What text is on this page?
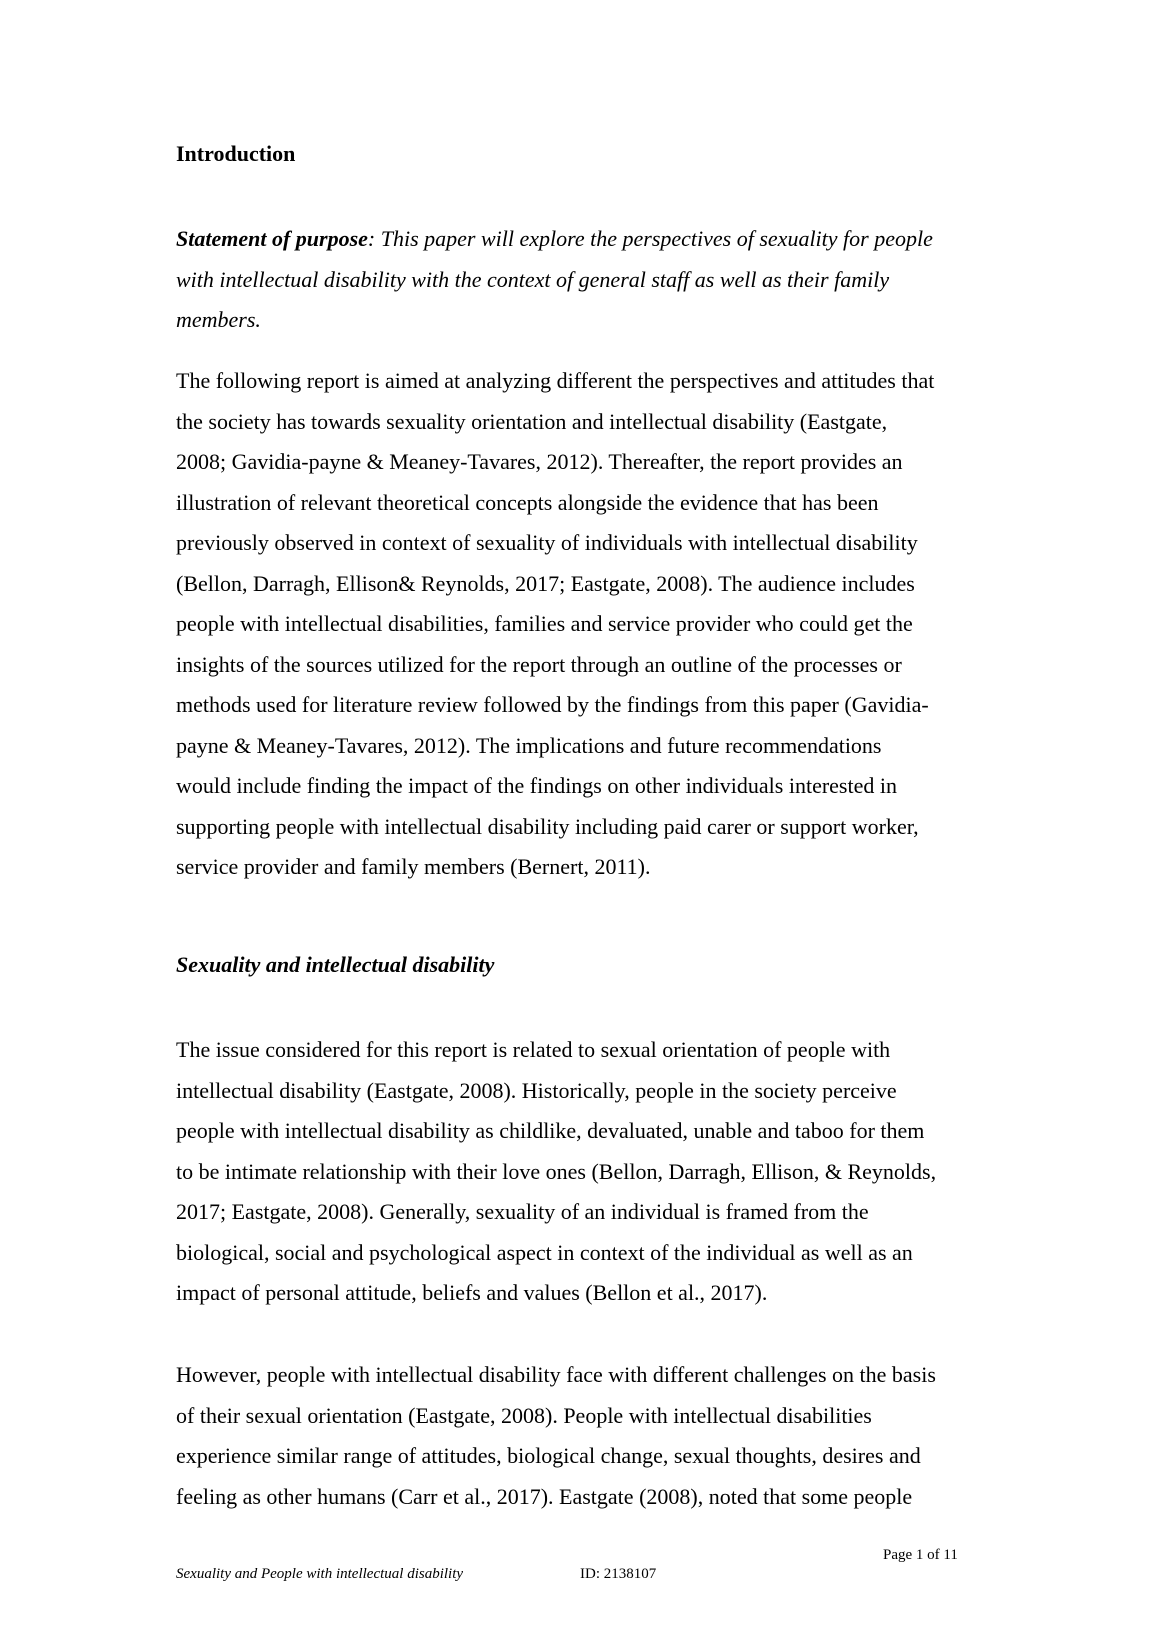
Introduction

Statement of purpose: This paper will explore the perspectives of sexuality for people
with intellectual disability with the context of general staff as well as their family
members.

The following report is aimed at analyzing different the perspectives and attitudes that
the society has towards sexuality orientation and intellectual disability (Eastgate,
2008; Gavidia-payne & Meaney-Tavares, 2012). Thereafter, the report provides an
illustration of relevant theoretical concepts alongside the evidence that has been
previously observed in context of sexuality of individuals with intellectual disability
(Bellon, Darragh, Ellison& Reynolds, 2017; Eastgate, 2008). The audience includes
people with intellectual disabilities, families and service provider who could get the
insights of the sources utilized for the report through an outline of the processes or
methods used for literature review followed by the findings from this paper (Gavidia-
payne & Meaney-Tavares, 2012). The implications and future recommendations
would include finding the impact of the findings on other individuals interested in
supporting people with intellectual disability including paid carer or support worker,
service provider and family members (Bernert, 2011).

Sexuality and intellectual disability

The issue considered for this report is related to sexual orientation of people with
intellectual disability (Eastgate, 2008). Historically, people in the society perceive
people with intellectual disability as childlike, devaluated, unable and taboo for them
to be intimate relationship with their love ones (Bellon, Darragh, Ellison, & Reynolds,
2017; Eastgate, 2008). Generally, sexuality of an individual is framed from the
biological, social and psychological aspect in context of the individual as well as an
impact of personal attitude, beliefs and values (Bellon et al., 2017).

However, people with intellectual disability face with different challenges on the basis
of their sexual orientation (Eastgate, 2008). People with intellectual disabilities
experience similar range of attitudes, biological change, sexual thoughts, desires and
feeling as other humans (Carr et al., 2017). Eastgate (2008), noted that some people

Page 1 of 11
Sexuality and People with intellectual disability	ID: 2138107
